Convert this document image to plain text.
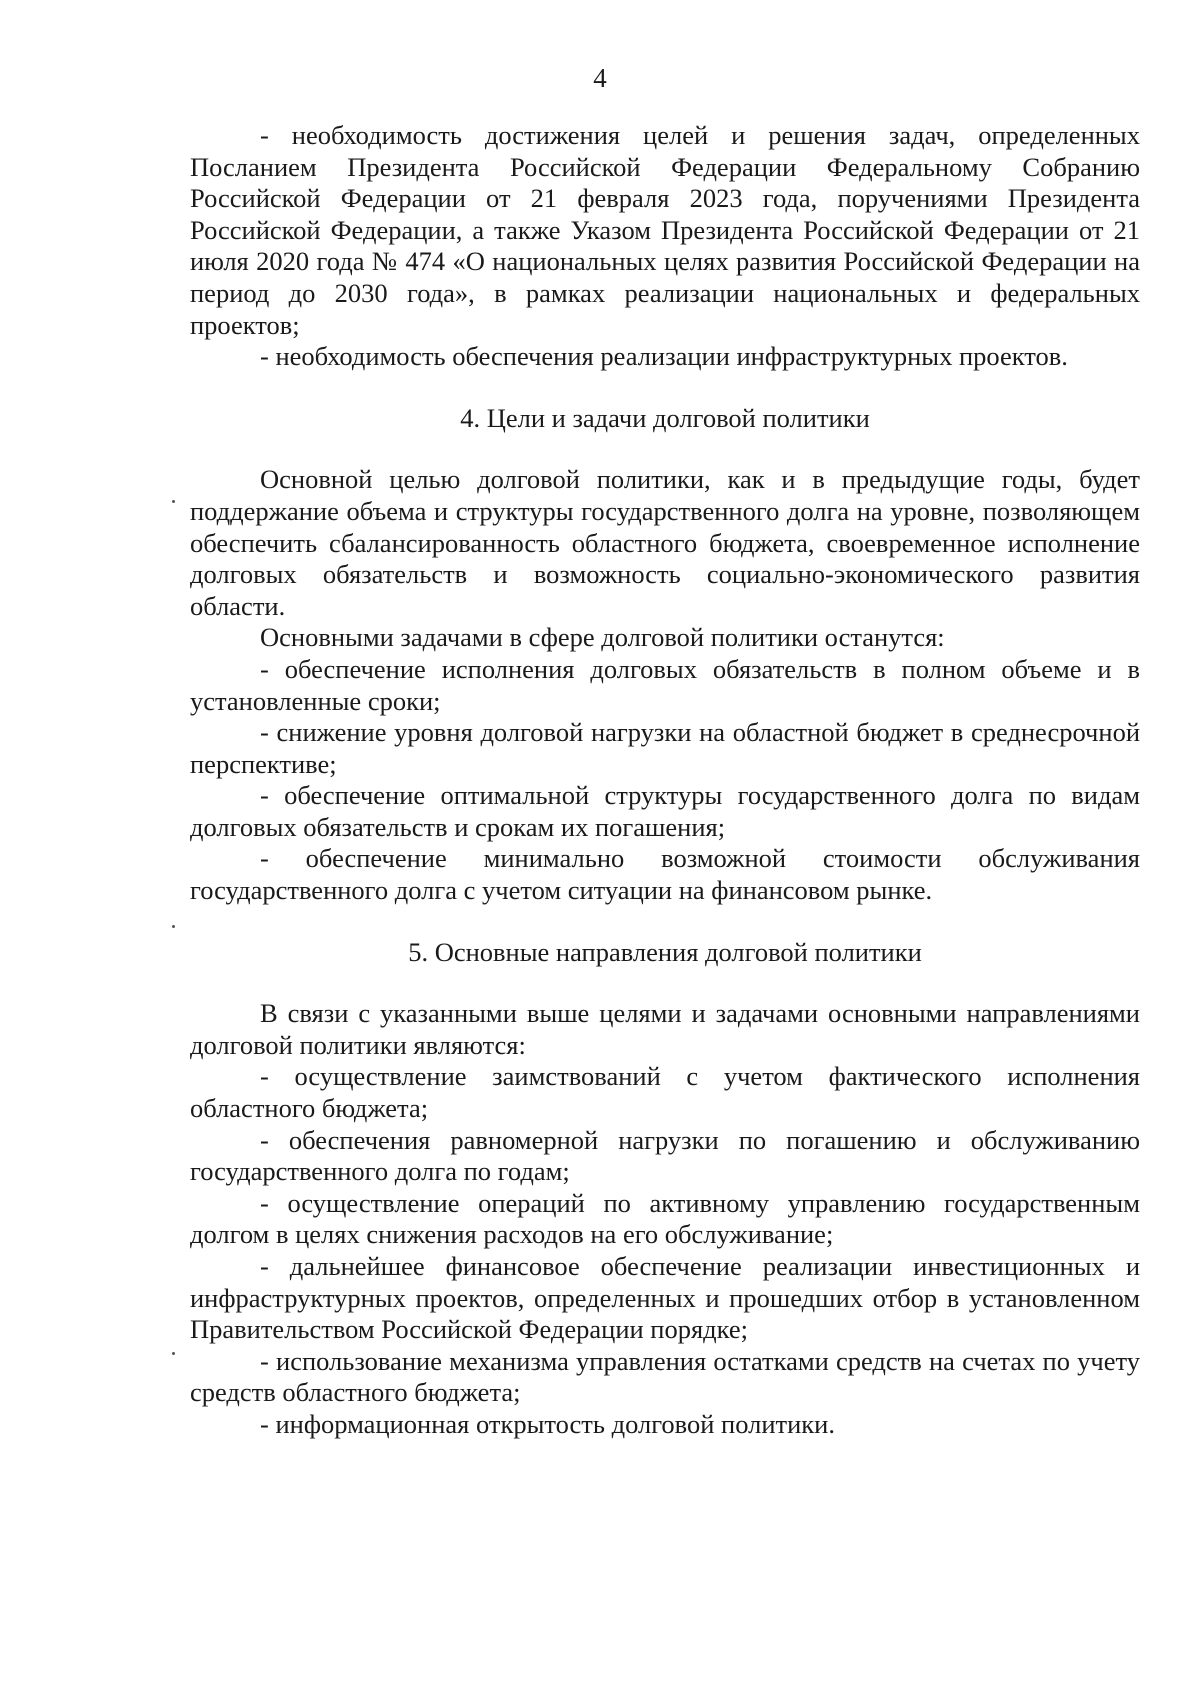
4

- необходимость достижения целей и решения задач, определенных Посланием Президента Российской Федерации Федеральному Собранию Российской Федерации от 21 февраля 2023 года, поручениями Президента Российской Федерации, а также Указом Президента Российской Федерации от 21 июля 2020 года № 474 «О национальных целях развития Российской Федерации на период до 2030 года», в рамках реализации национальных и федеральных проектов;

- необходимость обеспечения реализации инфраструктурных проектов.

4. Цели и задачи долговой политики

Основной целью долговой политики, как и в предыдущие годы, будет поддержание объема и структуры государственного долга на уровне, позволяющем обеспечить сбалансированность областного бюджета, своевременное исполнение долговых обязательств и возможность социально-экономического развития области.

Основными задачами в сфере долговой политики останутся:

- обеспечение исполнения долговых обязательств в полном объеме и в установленные сроки;

- снижение уровня долговой нагрузки на областной бюджет в среднесрочной перспективе;

- обеспечение оптимальной структуры государственного долга по видам долговых обязательств и срокам их погашения;

- обеспечение минимально возможной стоимости обслуживания государственного долга с учетом ситуации на финансовом рынке.

5. Основные направления долговой политики

В связи с указанными выше целями и задачами основными направлениями долговой политики являются:

- осуществление заимствований с учетом фактического исполнения областного бюджета;

- обеспечения равномерной нагрузки по погашению и обслуживанию государственного долга по годам;

- осуществление операций по активному управлению государственным долгом в целях снижения расходов на его обслуживание;

- дальнейшее финансовое обеспечение реализации инвестиционных и инфраструктурных проектов, определенных и прошедших отбор в установленном Правительством Российской Федерации порядке;

- использование механизма управления остатками средств на счетах по учету средств областного бюджета;

- информационная открытость долговой политики.
